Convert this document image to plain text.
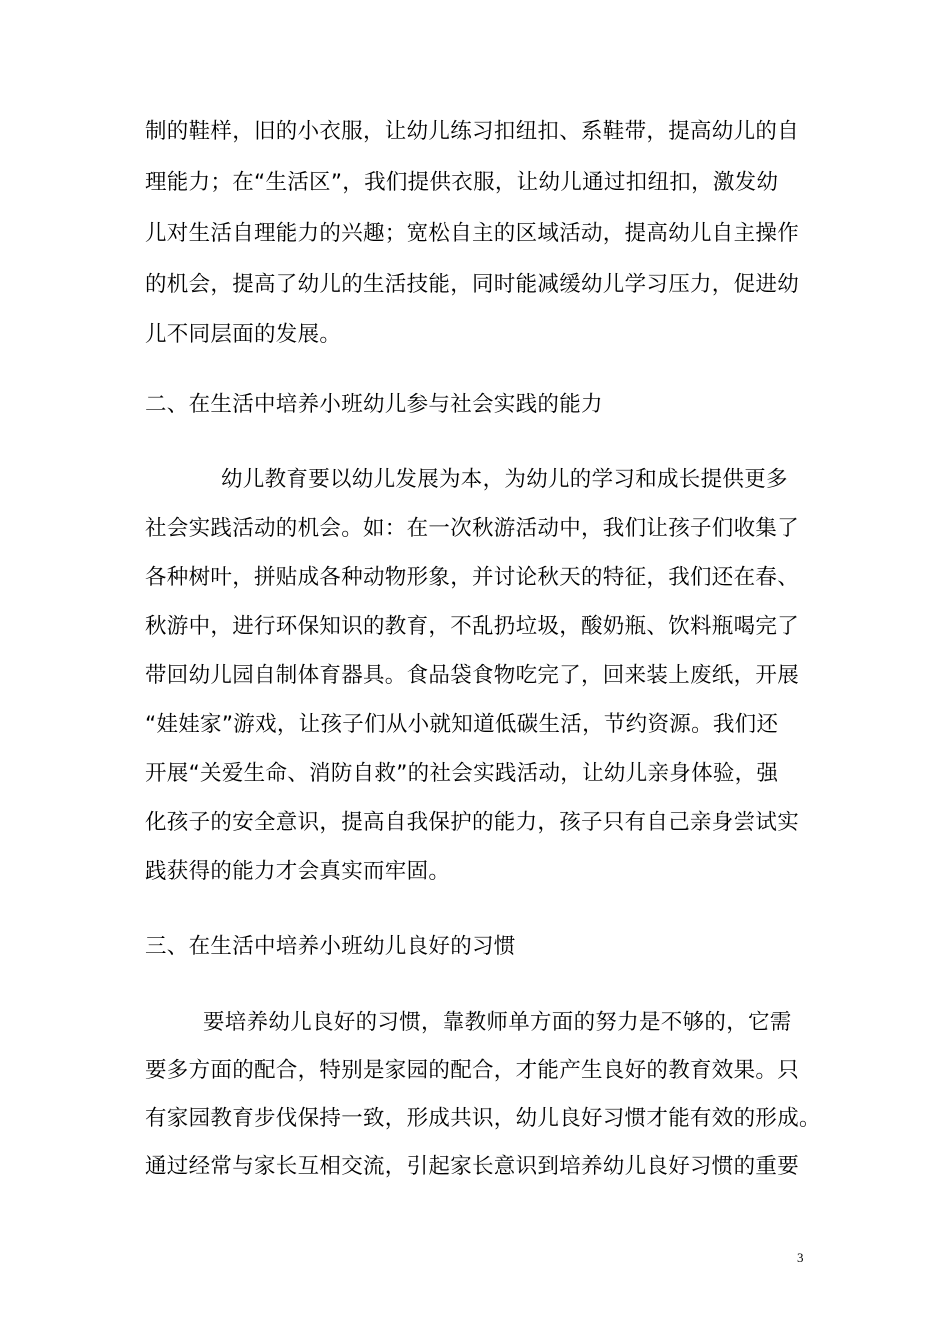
制的鞋样，旧的小衣服，让幼儿练习扣纽扣、系鞋带，提高幼儿的自
理能力；在“生活区”，我们提供衣服，让幼儿通过扣纽扣，激发幼
儿对生活自理能力的兴趣；宽松自主的区域活动，提高幼儿自主操作
的机会，提高了幼儿的生活技能，同时能减缓幼儿学习压力，促进幼
儿不同层面的发展。
二、在生活中培养小班幼儿参与社会实践的能力
幼儿教育要以幼儿发展为本，为幼儿的学习和成长提供更多
社会实践活动的机会。如：在一次秋游活动中，我们让孩子们收集了
各种树叶，拼贴成各种动物形象，并讨论秋天的特征，我们还在春、
秋游中，进行环保知识的教育，不乱扔垃圾，酸奶瓶、饮料瓶喝完了
带回幼儿园自制体育器具。食品袋食物吃完了，回来装上废纸，开展
“娃娃家”游戏，让孩子们从小就知道低碳生活，节约资源。我们还
开展“关爱生命、消防自救”的社会实践活动，让幼儿亲身体验，强
化孩子的安全意识，提高自我保护的能力，孩子只有自己亲身尝试实
践获得的能力才会真实而牢固。
三、在生活中培养小班幼儿良好的习惯
要培养幼儿良好的习惯，靠教师单方面的努力是不够的，它需
要多方面的配合，特别是家园的配合，才能产生良好的教育效果。只
有家园教育步伐保持一致，形成共识，幼儿良好习惯才能有效的形成。
通过经常与家长互相交流，引起家长意识到培养幼儿良好习惯的重要
3
